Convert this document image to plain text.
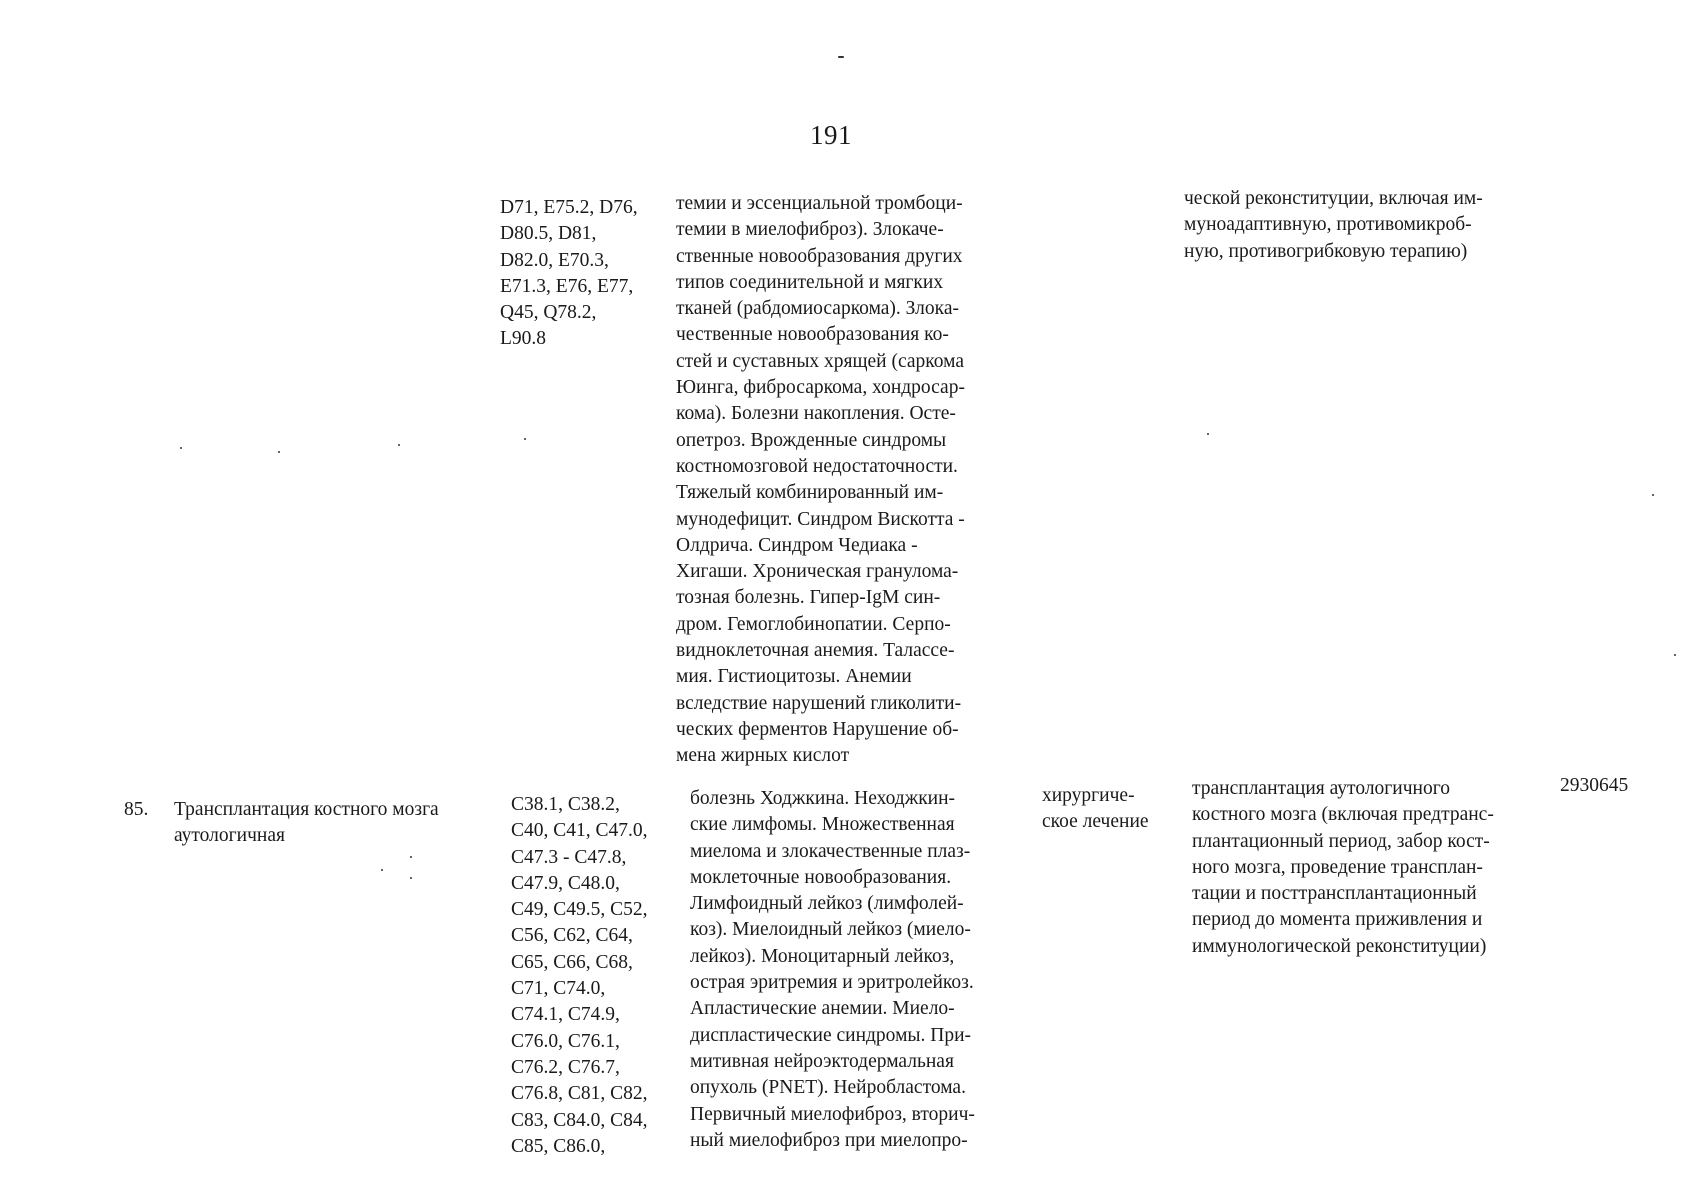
191
D71, E75.2, D76,
D80.5, D81,
D82.0, E70.3,
E71.3, E76, E77,
Q45, Q78.2,
L90.8
темии и эссенциальной тромбоци-
темии в миелофиброз). Злокаче-
ственные новообразования других
типов соединительной и мягких
тканей (рабдомиосаркома). Злока-
чественные новообразования ко-
стей и суставных хрящей (саркома
Юинга, фибросаркома, хондросар-
кома). Болезни накопления. Осте-
опетроз. Врожденные синдромы
костномозговой недостаточности.
Тяжелый комбинированный им-
мунодефицит. Синдром Вискотта -
Олдрича. Синдром Чедиака -
Хигаши. Хроническая гранулома-
тозная болезнь. Гипер-IgM син-
дром. Гемоглобинопатии. Серпо-
видноклеточная анемия. Талассе-
мия. Гистиоцитозы. Анемии
вследствие нарушений гликолити-
ческих ферментов Нарушение об-
мена жирных кислот
ческой реконституции, включая им-
муноадаптивную, противомикроб-
ную, противогрибковую терапию)
85. Трансплантация костного мозга
аутологичная
C38.1, C38.2,
C40, C41, C47.0,
C47.3 - C47.8,
C47.9, C48.0,
C49, C49.5, C52,
C56, C62, C64,
C65, C66, C68,
C71, C74.0,
C74.1, C74.9,
C76.0, C76.1,
C76.2, C76.7,
C76.8, C81, C82,
C83, C84.0, C84,
C85, C86.0,
болезнь Ходжкина. Неходжкин-
ские лимфомы. Множественная
миелома и злокачественные плаз-
моклеточные новообразования.
Лимфоидный лейкоз (лимфолей-
коз). Миелоидный лейкоз (миело-
лейкоз). Моноцитарный лейкоз,
острая эритремия и эритролейкоз.
Апластические анемии. Миело-
диспластические синдромы. При-
митивная нейроэктодермальная
опухоль (PNET). Нейробластома.
Первичный миелофиброз, вторич-
ный миелофиброз при миелопро-
хирургиче-
ское лечение
трансплантация аутологичного
костного мозга (включая предтранс-
плантационный период, забор кост-
ного мозга, проведение трансплан-
тации и посттрансплантационный
период до момента приживления и
иммунологической реконституции)
2930645
